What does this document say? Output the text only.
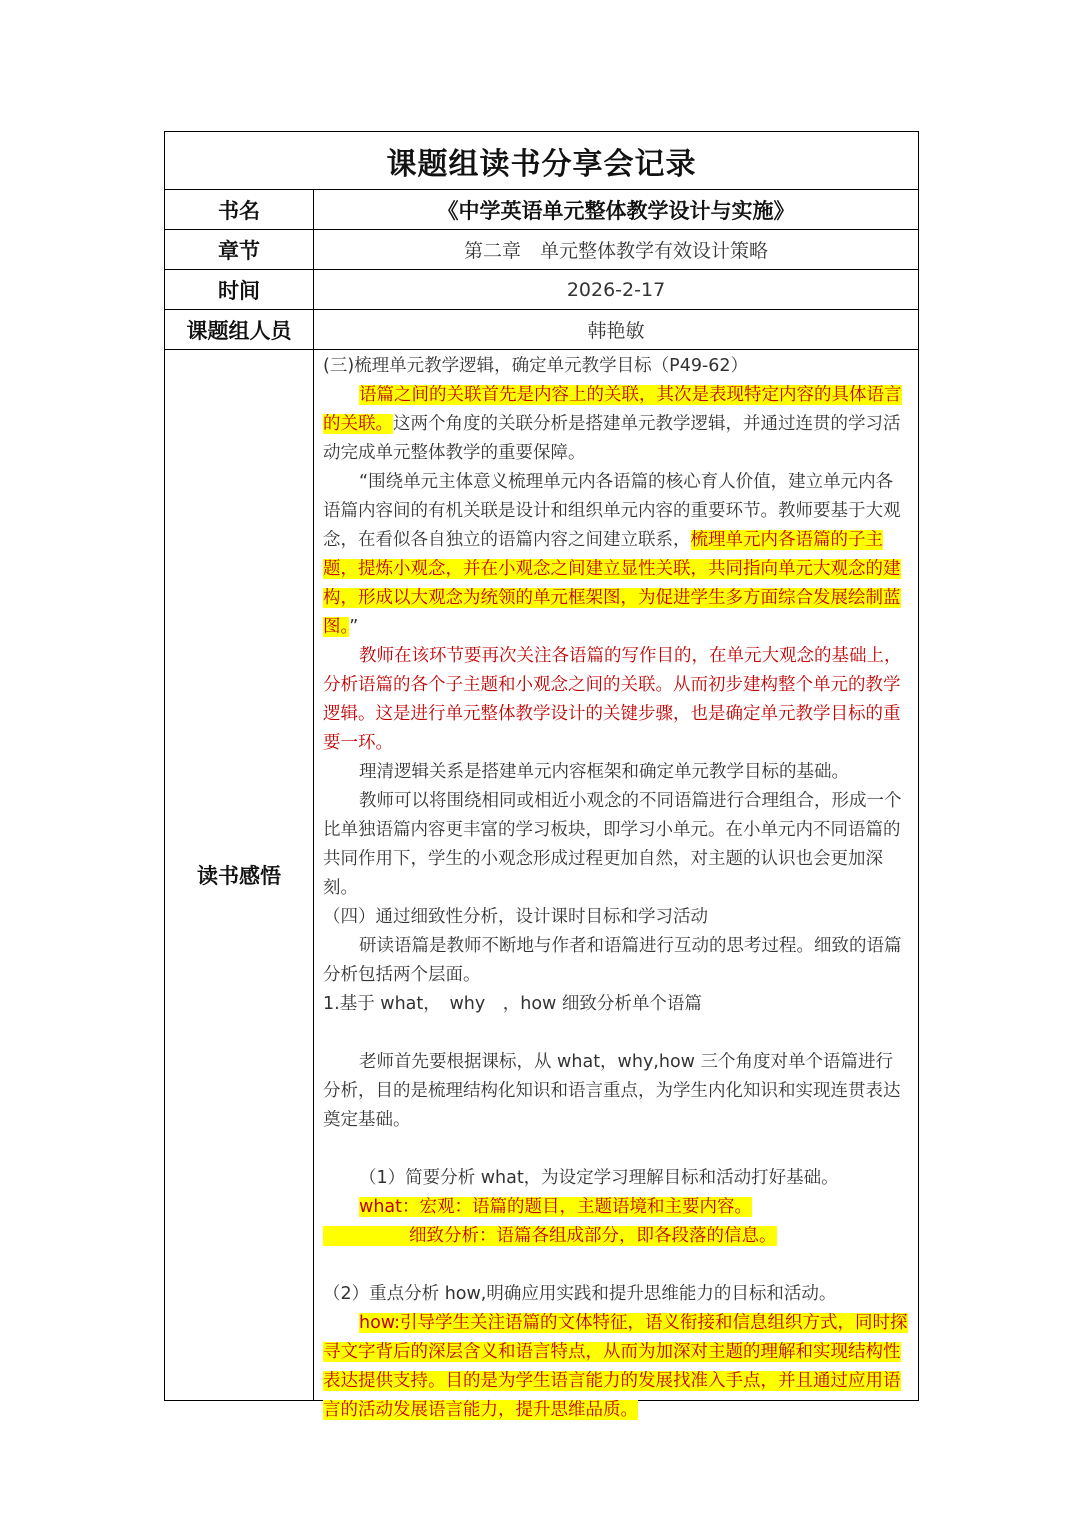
课题组读书分享会记录
书名	《中学英语单元整体教学设计与实施》
章节	第二章　单元整体教学有效设计策略
时间	2026-2-17
课题组人员	韩艳敏
读书感悟

(三)梳理单元教学逻辑，确定单元教学目标（P49-62）

语篇之间的关联首先是内容上的关联，其次是表现特定内容的具体语言的关联。这两个角度的关联分析是搭建单元教学逻辑，并通过连贯的学习活动完成单元整体教学的重要保障。

“围绕单元主体意义梳理单元内各语篇的核心育人价值，建立单元内各语篇内容间的有机关联是设计和组织单元内容的重要环节。教师要基于大观念，在看似各自独立的语篇内容之间建立联系，梳理单元内各语篇的子主题，提炼小观念，并在小观念之间建立显性关联，共同指向单元大观念的建构，形成以大观念为统领的单元框架图，为促进学生多方面综合发展绘制蓝图。”

教师在该环节要再次关注各语篇的写作目的，在单元大观念的基础上，分析语篇的各个子主题和小观念之间的关联。从而初步建构整个单元的教学逻辑。这是进行单元整体教学设计的关键步骤，也是确定单元教学目标的重要一环。

理清逻辑关系是搭建单元内容框架和确定单元教学目标的基础。

教师可以将围绕相同或相近小观念的不同语篇进行合理组合，形成一个比单独语篇内容更丰富的学习板块，即学习小单元。在小单元内不同语篇的共同作用下，学生的小观念形成过程更加自然，对主题的认识也会更加深刻。

（四）通过细致性分析，设计课时目标和学习活动

研读语篇是教师不断地与作者和语篇进行互动的思考过程。细致的语篇分析包括两个层面。

1.基于 what，　why　，how 细致分析单个语篇

老师首先要根据课标，从 what，why,how 三个角度对单个语篇进行分析，目的是梳理结构化知识和语言重点，为学生内化知识和实现连贯表达奠定基础。

（1）简要分析 what，为设定学习理解目标和活动打好基础。

what：宏观：语篇的题目，主题语境和主要内容。

细致分析：语篇各组成部分，即各段落的信息。

（2）重点分析 how,明确应用实践和提升思维能力的目标和活动。

how:引导学生关注语篇的文体特征，语义衔接和信息组织方式，同时探寻文字背后的深层含义和语言特点，从而为加深对主题的理解和实现结构性表达提供支持。目的是为学生语言能力的发展找准入手点，并且通过应用语言的活动发展语言能力，提升思维品质。
